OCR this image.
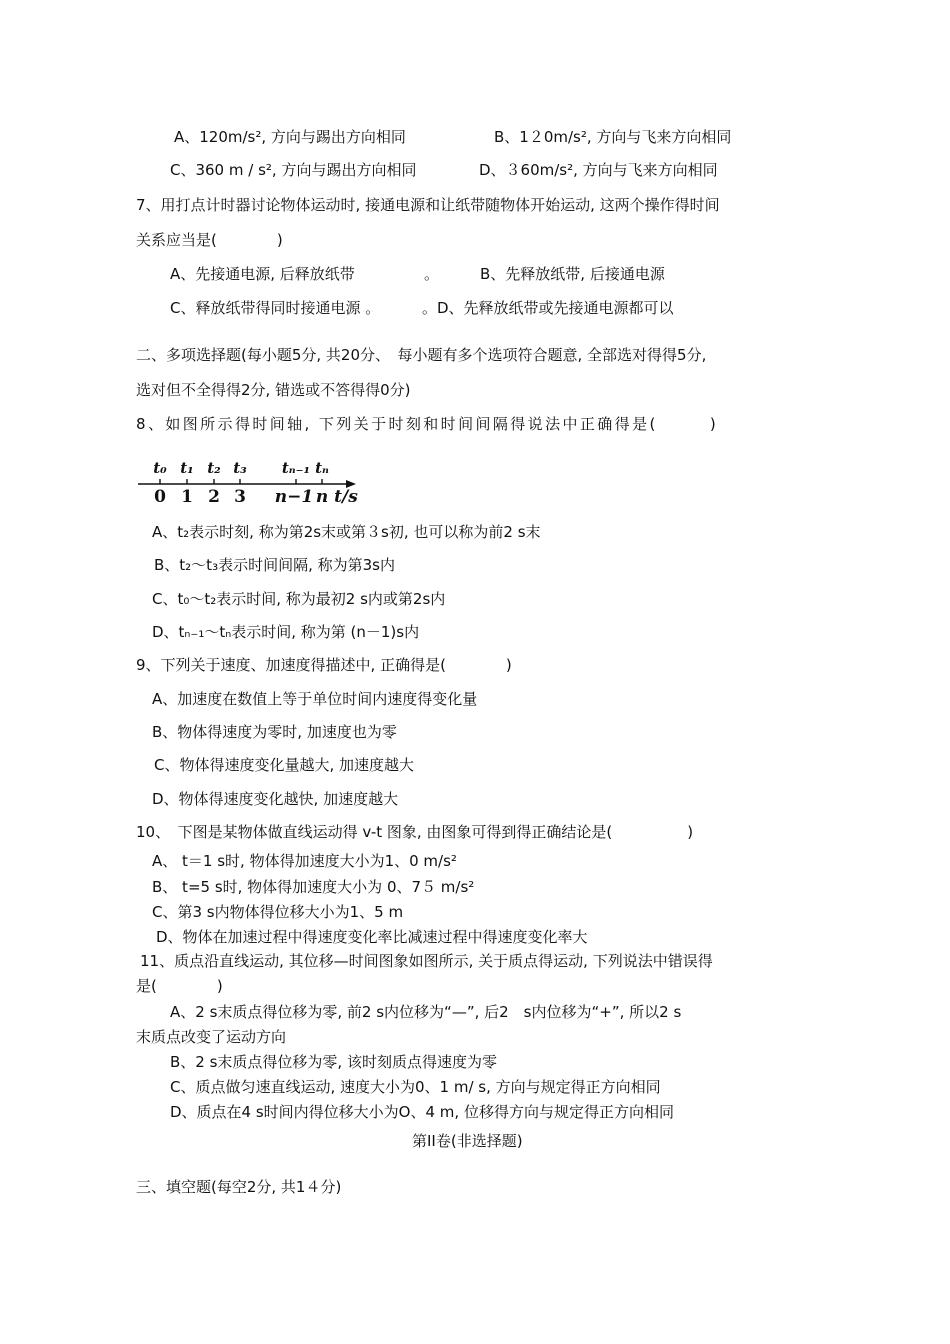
A、120m/s², 方向与踢出方向相同	B、1２0m/s², 方向与飞来方向相同
C、360 m / s², 方向与踢出方向相同	D、３60m/s², 方向与飞来方向相同
7、用打点计时器讨论物体运动时, 接通电源和让纸带随物体开始运动, 这两个操作得时间
关系应当是(　　　　)
A、先接通电源, 后释放纸带	。	B、先释放纸带, 后接通电源
C、释放纸带得同时接通电源 。	。D、先释放纸带或先接通电源都可以
二、多项选择题(每小题5分, 共20分、　每小题有多个选项符合题意, 全部选对得得5分,
选对但不全得得2分, 错选或不答得得0分)
8、如图所示得时间轴, 下列关于时刻和时间间隔得说法中正确得是(　　　)
t₀ t₁ t₂ t₃ tₙ₋₁ tₙ
0 1 2 3 n−1 n t/s
A、t₂表示时刻, 称为第2s末或第３s初, 也可以称为前2 s末
B、t₂～t₃表示时间间隔, 称为第3s内
C、t₀～t₂表示时间, 称为最初2 s内或第2s内
D、tₙ₋₁～tₙ表示时间, 称为第 (n－1)s内
9、下列关于速度、加速度得描述中, 正确得是(　　　　)
A、加速度在数值上等于单位时间内速度得变化量
B、物体得速度为零时, 加速度也为零
C、物体得速度变化量越大, 加速度越大
D、物体得速度变化越快, 加速度越大
10、　下图是某物体做直线运动得 v-t 图象, 由图象可得到得正确结论是(　　　　　)
A、 t＝1 s时, 物体得加速度大小为1、0 m/s²
B、 t=5 s时, 物体得加速度大小为 0、7５ m/s²
C、第3 s内物体得位移大小为1、5 m
D、物体在加速过程中得速度变化率比减速过程中得速度变化率大
11、质点沿直线运动, 其位移—时间图象如图所示, 关于质点得运动, 下列说法中错误得
是(　　　　)
A、2 s末质点得位移为零, 前2 s内位移为“—”, 后2　s内位移为“+”, 所以2 s
末质点改变了运动方向
B、2 s末质点得位移为零, 该时刻质点得速度为零
C、质点做匀速直线运动, 速度大小为0、1 m/ s, 方向与规定得正方向相同
D、质点在4 s时间内得位移大小为O、4 m, 位移得方向与规定得正方向相同
第II卷(非选择题)
三、填空题(每空2分, 共1４分)
